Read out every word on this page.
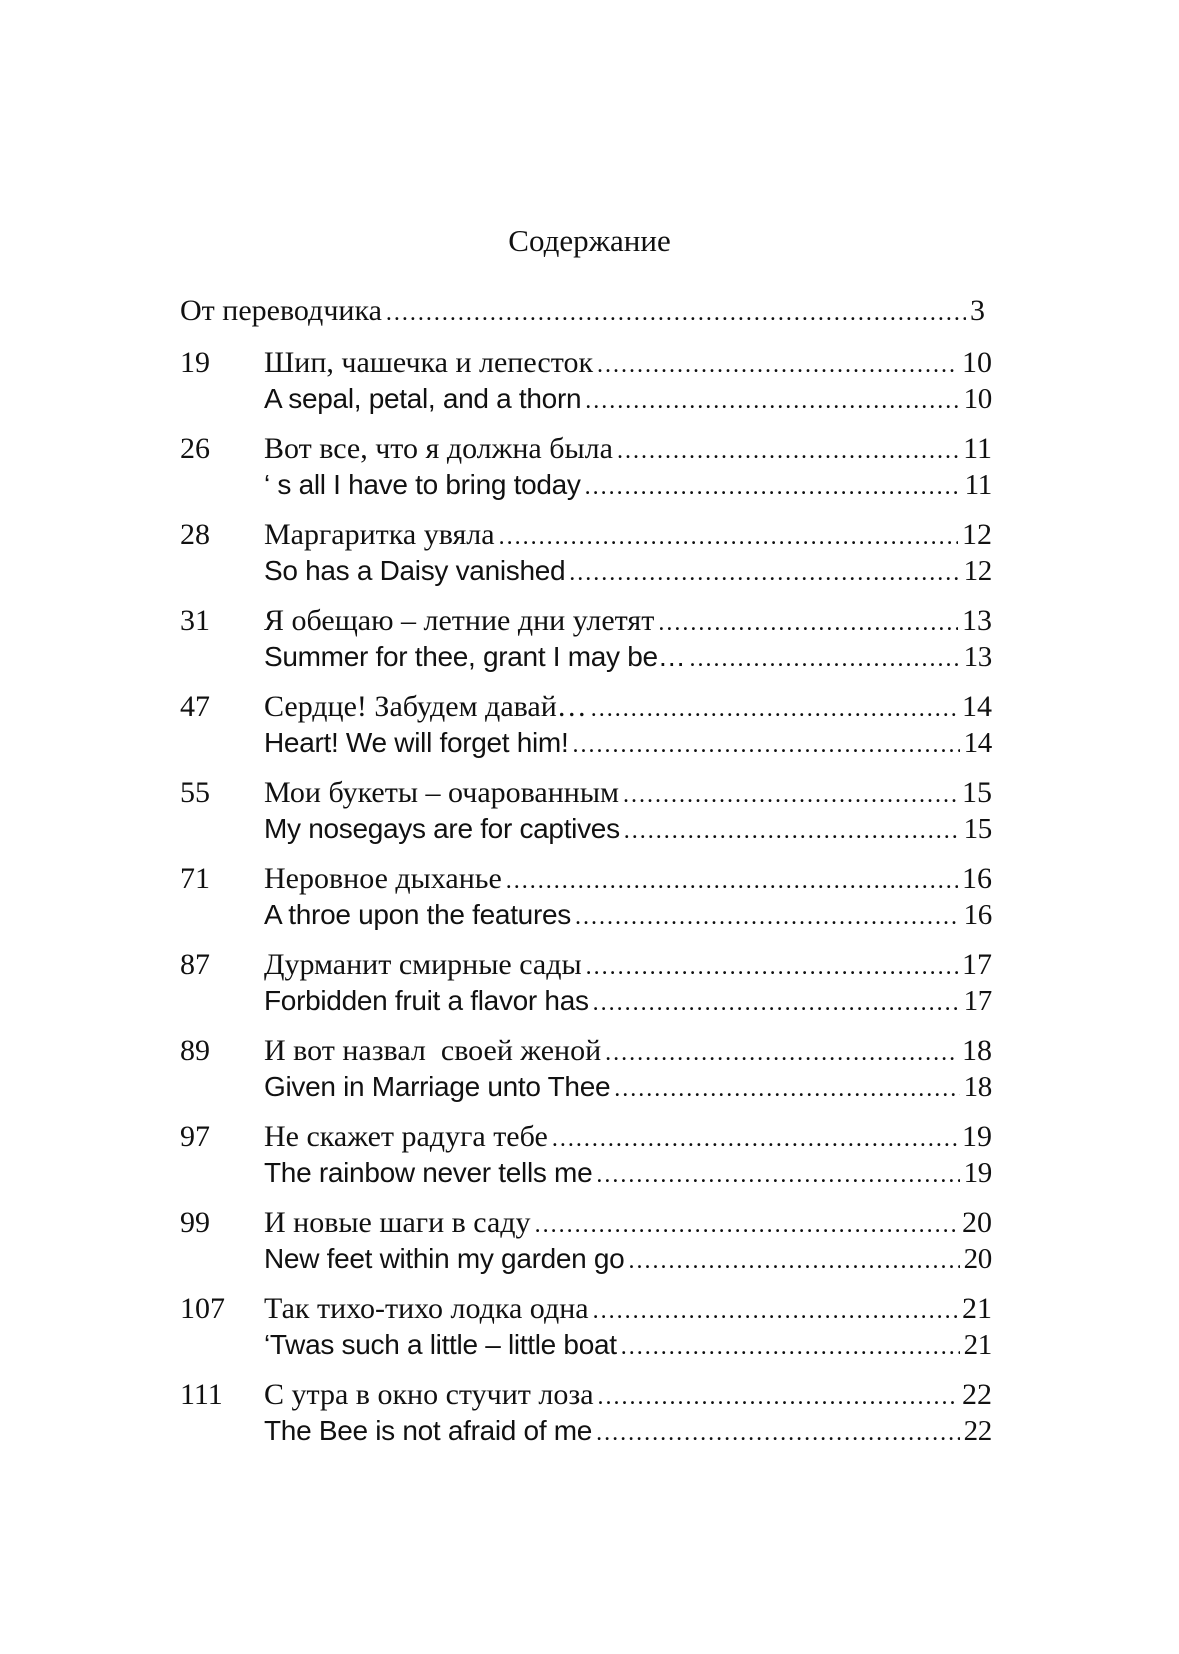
Содержание
От переводчика .....	3
19	Шип, чашечка и лепесток .....	10
A sepal, petal, and a thorn .....	10
26	Вот все, что я должна была .....	11
‘ s all I have to bring today .....	11
28	Маргаритка увяла .....	12
So has a Daisy vanished .....	12
31	Я обещаю – летние дни улетят .....	13
Summer for thee, grant I may be… .....	13
47	Сердце! Забудем давай… .....	14
Heart! We will forget him! .....	14
55	Мои букеты – очарованным .....	15
My nosegays are for captives .....	15
71	Неровное дыханье .....	16
A throe upon the features .....	16
87	Дурманит смирные сады .....	17
Forbidden fruit a flavor has .....	17
89	И вот назвал  своей женой .....	18
Given in Marriage unto Thee .....	18
97	Не скажет радуга тебе .....	19
The rainbow never tells me .....	19
99	И новые шаги в саду .....	20
New feet within my garden go .....	20
107	Так тихо-тихо лодка одна .....	21
‘Twas such a little – little boat .....	21
111	С утра в окно стучит лоза .....	22
The Bee is not afraid of me .....	22
